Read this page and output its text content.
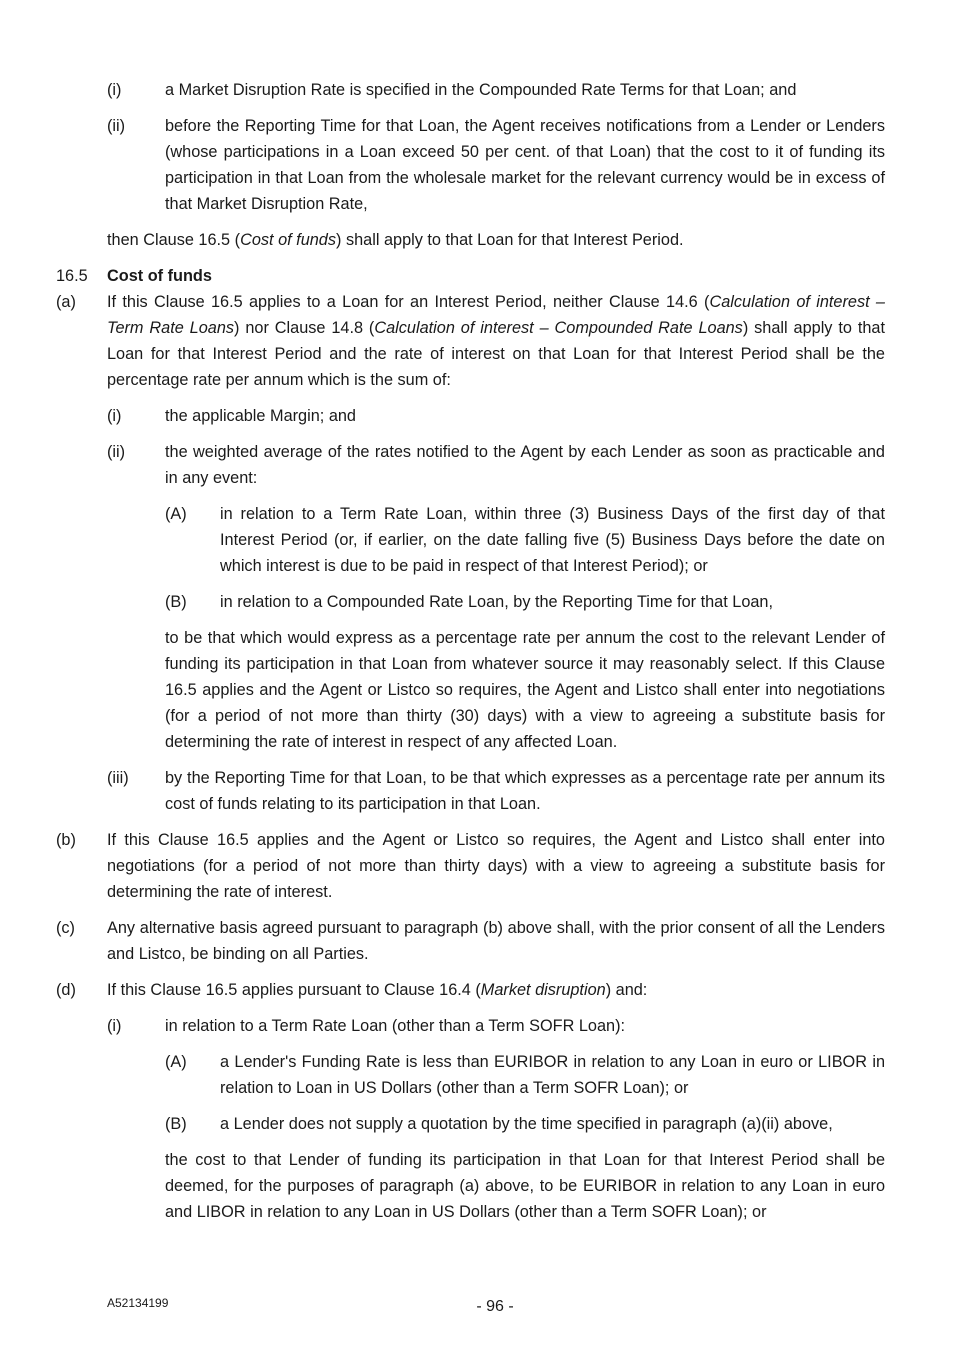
(i)	a Market Disruption Rate is specified in the Compounded Rate Terms for that Loan; and
(ii) before the Reporting Time for that Loan, the Agent receives notifications from a Lender or Lenders (whose participations in a Loan exceed 50 per cent. of that Loan) that the cost to it of funding its participation in that Loan from the wholesale market for the relevant currency would be in excess of that Market Disruption Rate,
then Clause 16.5 (Cost of funds) shall apply to that Loan for that Interest Period.
16.5 Cost of funds
(a) If this Clause 16.5 applies to a Loan for an Interest Period, neither Clause 14.6 (Calculation of interest – Term Rate Loans) nor Clause 14.8 (Calculation of interest – Compounded Rate Loans) shall apply to that Loan for that Interest Period and the rate of interest on that Loan for that Interest Period shall be the percentage rate per annum which is the sum of:
(i)	the applicable Margin; and
(ii) the weighted average of the rates notified to the Agent by each Lender as soon as practicable and in any event:
(A) in relation to a Term Rate Loan, within three (3) Business Days of the first day of that Interest Period (or, if earlier, on the date falling five (5) Business Days before the date on which interest is due to be paid in respect of that Interest Period); or
(B) in relation to a Compounded Rate Loan, by the Reporting Time for that Loan,
to be that which would express as a percentage rate per annum the cost to the relevant Lender of funding its participation in that Loan from whatever source it may reasonably select. If this Clause 16.5 applies and the Agent or Listco so requires, the Agent and Listco shall enter into negotiations (for a period of not more than thirty (30) days) with a view to agreeing a substitute basis for determining the rate of interest in respect of any affected Loan.
(iii) by the Reporting Time for that Loan, to be that which expresses as a percentage rate per annum its cost of funds relating to its participation in that Loan.
(b) If this Clause 16.5 applies and the Agent or Listco so requires, the Agent and Listco shall enter into negotiations (for a period of not more than thirty days) with a view to agreeing a substitute basis for determining the rate of interest.
(c) Any alternative basis agreed pursuant to paragraph (b) above shall, with the prior consent of all the Lenders and Listco, be binding on all Parties.
(d) If this Clause 16.5 applies pursuant to Clause 16.4 (Market disruption) and:
(i)	in relation to a Term Rate Loan (other than a Term SOFR Loan):
(A) a Lender's Funding Rate is less than EURIBOR in relation to any Loan in euro or LIBOR in relation to Loan in US Dollars (other than a Term SOFR Loan); or
(B) a Lender does not supply a quotation by the time specified in paragraph (a)(ii) above,
the cost to that Lender of funding its participation in that Loan for that Interest Period shall be deemed, for the purposes of paragraph (a) above, to be EURIBOR in relation to any Loan in euro and LIBOR in relation to any Loan in US Dollars (other than a Term SOFR Loan); or
A52134199	- 96 -
